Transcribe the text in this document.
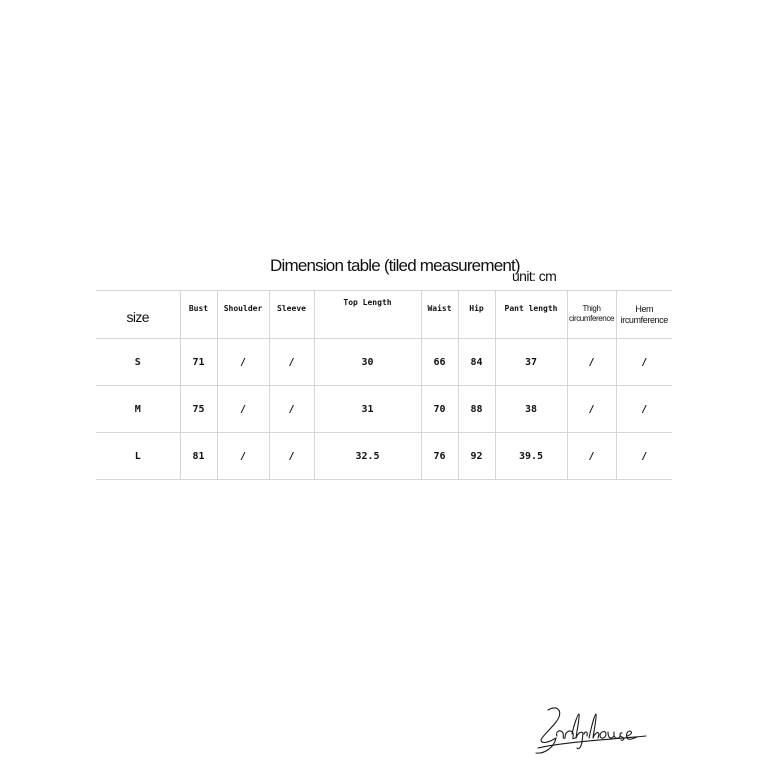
Dimension table (tiled measurement)
unit: cm
size	Bust	Shoulder	Sleeve	Top Length	Waist	Hip	Pant length	Thigh circumference	Hem ircumference
S	71	/	/	30	66	84	37	/	/
M	75	/	/	31	70	88	38	/	/
L	81	/	/	32.5	76	92	39.5	/	/
